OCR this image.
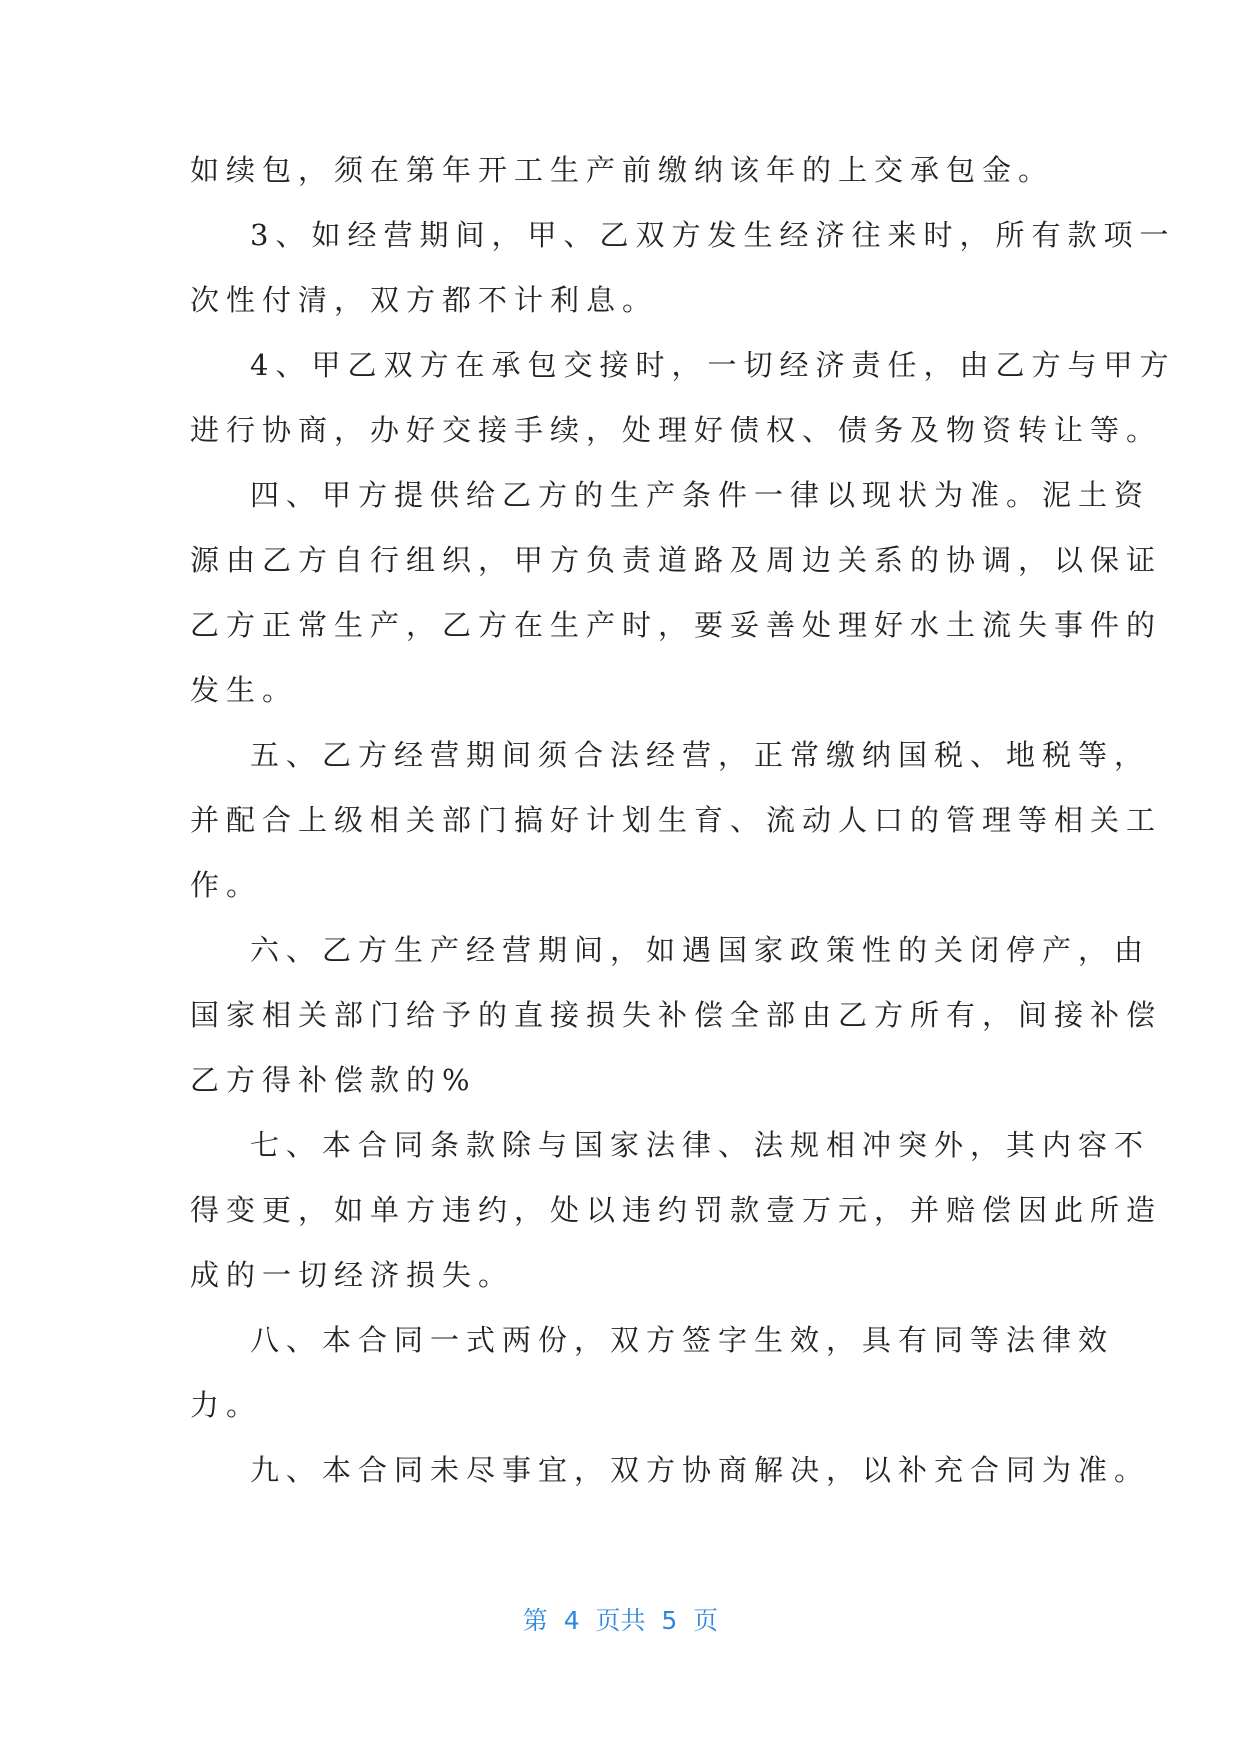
如续包，须在第年开工生产前缴纳该年的上交承包金。
3、如经营期间，甲、乙双方发生经济往来时，所有款项一
次性付清，双方都不计利息。
4、甲乙双方在承包交接时，一切经济责任，由乙方与甲方
进行协商，办好交接手续，处理好债权、债务及物资转让等。
四、甲方提供给乙方的生产条件一律以现状为准。泥土资
源由乙方自行组织，甲方负责道路及周边关系的协调，以保证
乙方正常生产，乙方在生产时，要妥善处理好水土流失事件的
发生。
五、乙方经营期间须合法经营，正常缴纳国税、地税等，
并配合上级相关部门搞好计划生育、流动人口的管理等相关工
作。
六、乙方生产经营期间，如遇国家政策性的关闭停产，由
国家相关部门给予的直接损失补偿全部由乙方所有，间接补偿
乙方得补偿款的%
七、本合同条款除与国家法律、法规相冲突外，其内容不
得变更，如单方违约，处以违约罚款壹万元，并赔偿因此所造
成的一切经济损失。
八、本合同一式两份，双方签字生效，具有同等法律效
力。
九、本合同未尽事宜，双方协商解决，以补充合同为准。
第  4  页共  5  页
